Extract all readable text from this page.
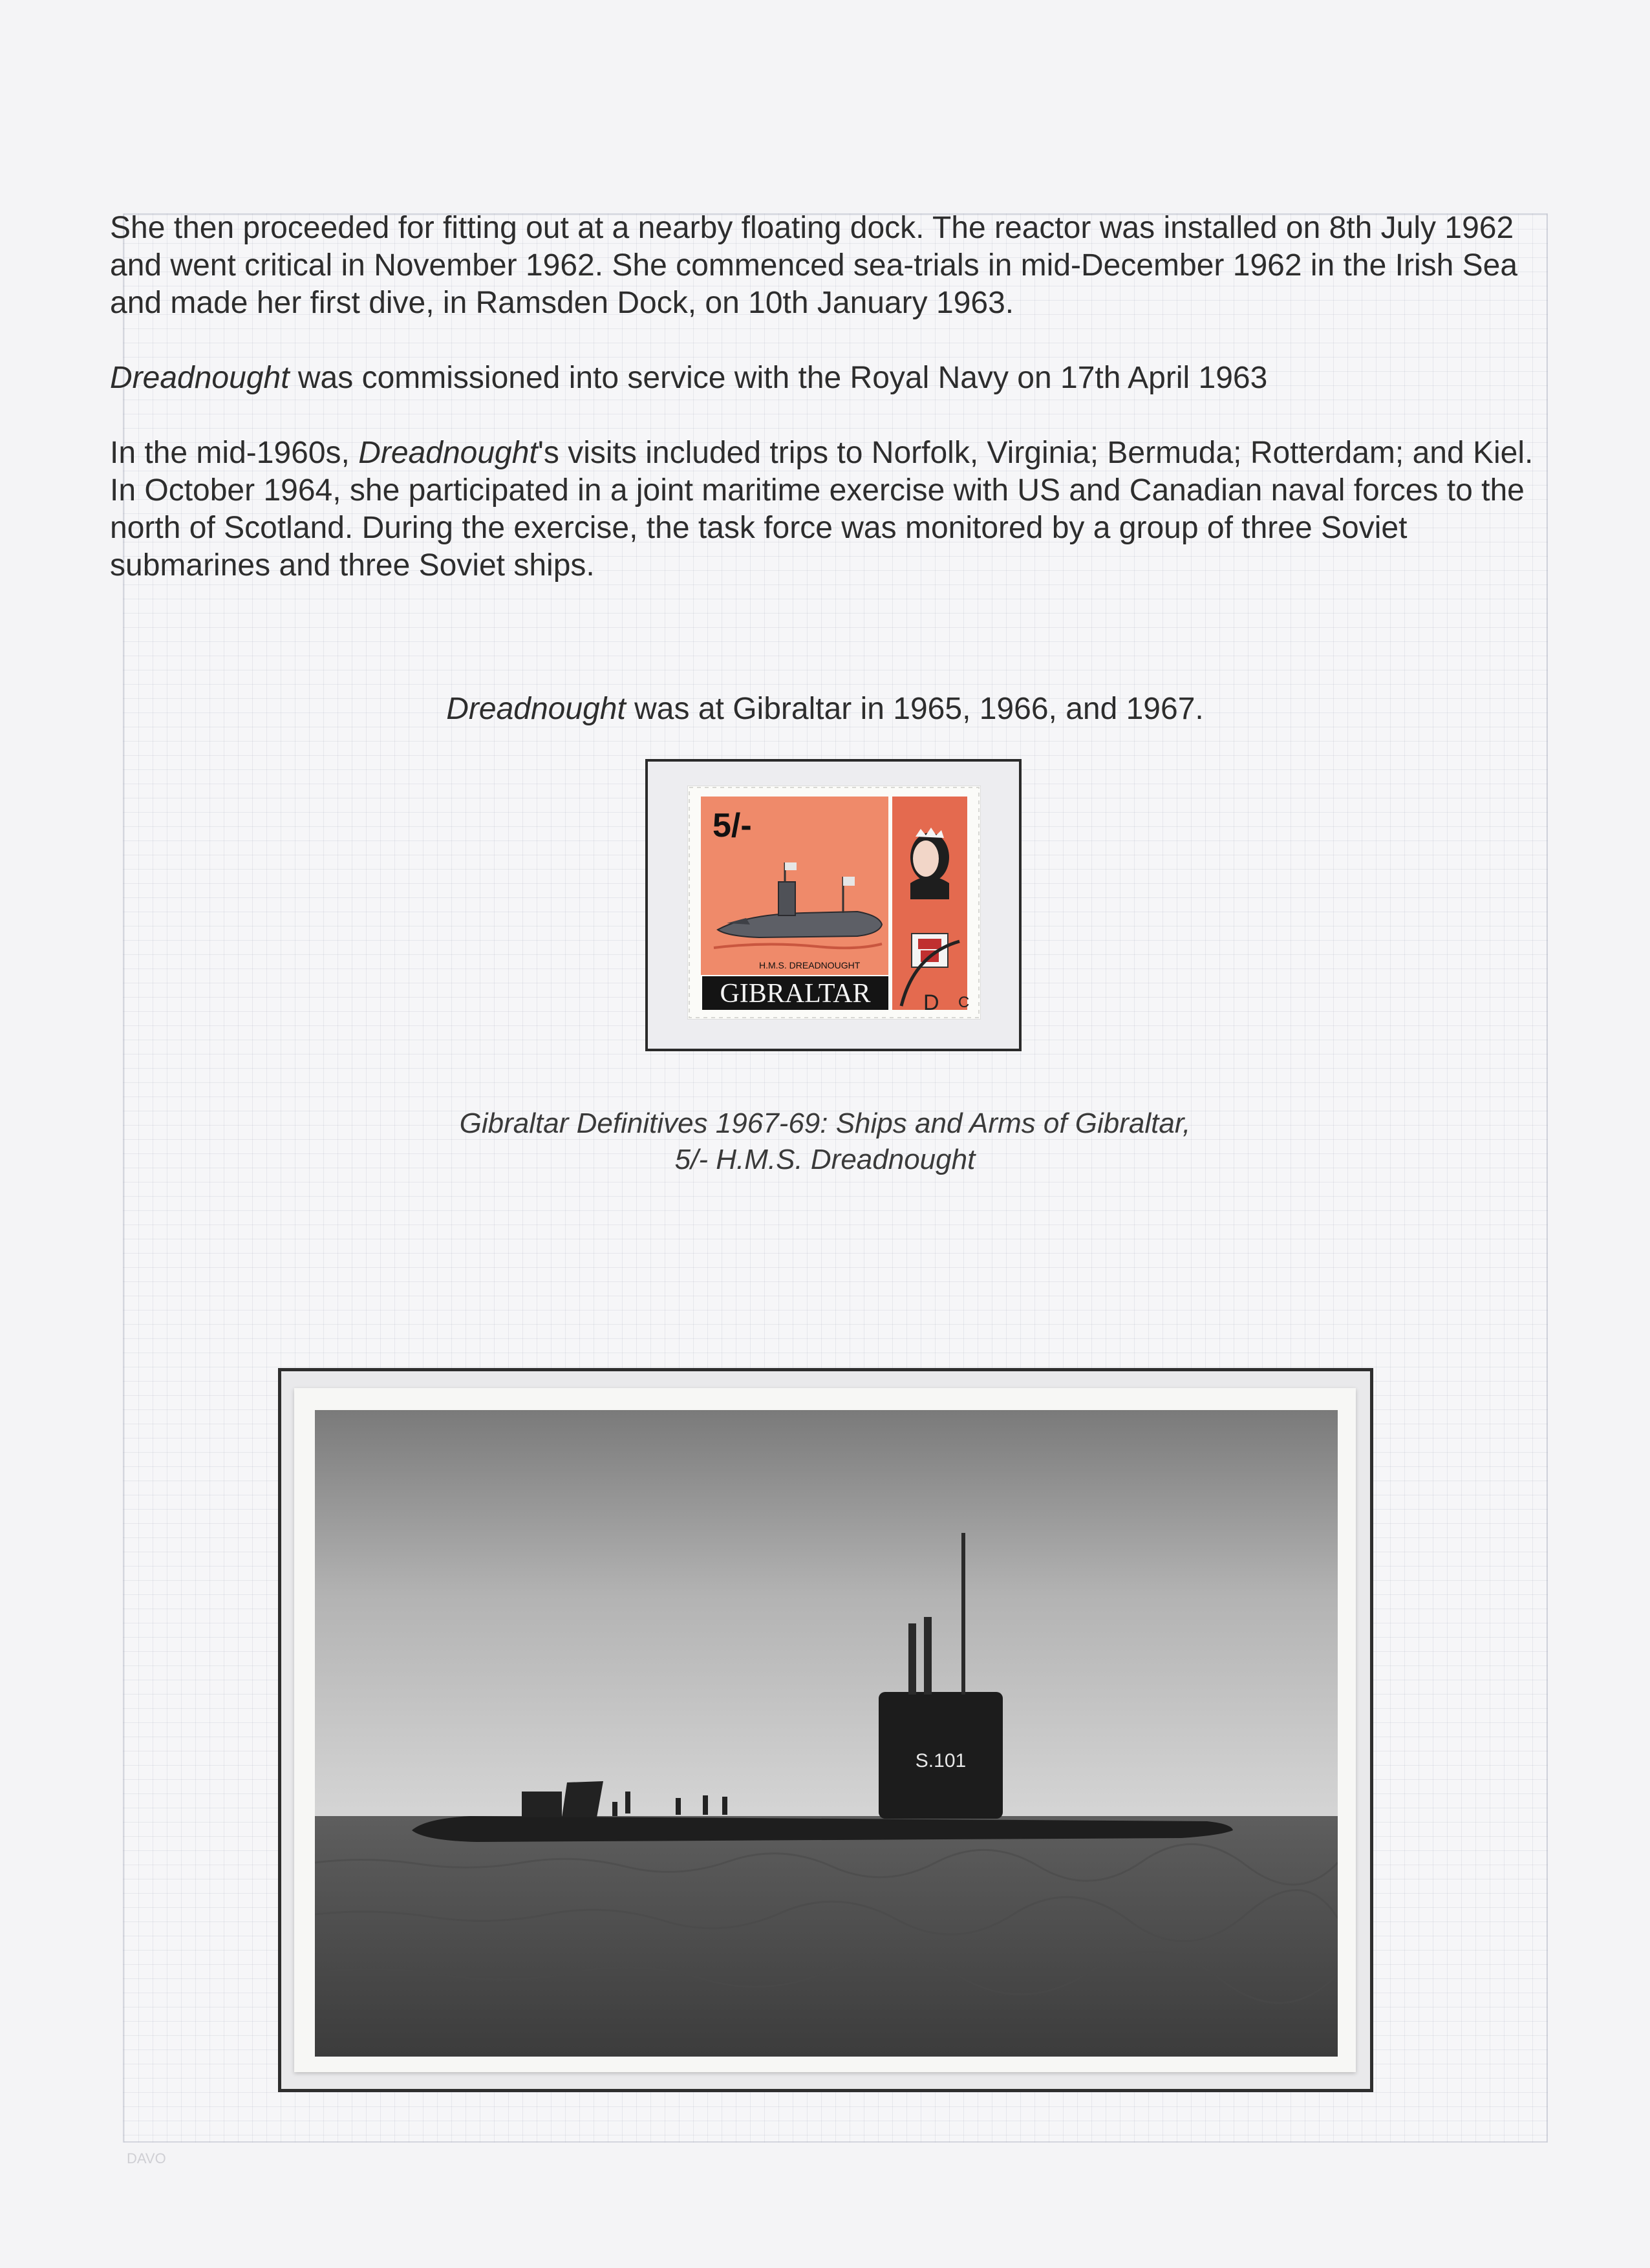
She then proceeded for fitting out at a nearby floating dock. The reactor was installed on 8th July 1962 and went critical in November 1962. She commenced sea-trials in mid-December 1962 in the Irish Sea and made her first dive, in Ramsden Dock, on 10th January 1963.

Dreadnought was commissioned into service with the Royal Navy on 17th April 1963

In the mid-1960s, Dreadnought's visits included trips to Norfolk, Virginia; Bermuda; Rotterdam; and Kiel. In October 1964, she participated in a joint maritime exercise with US and Canadian naval forces to the north of Scotland. During the exercise, the task force was monitored by a group of three Soviet submarines and three Soviet ships.

Dreadnought was at Gibraltar in 1965, 1966, and 1967.
D C
5/-
H.M.S. DREADNOUGHT
GIBRALTAR
Gibraltar Definitives 1967-69: Ships and Arms of Gibraltar,
5/- H.M.S. Dreadnought
S.101
DAVO
